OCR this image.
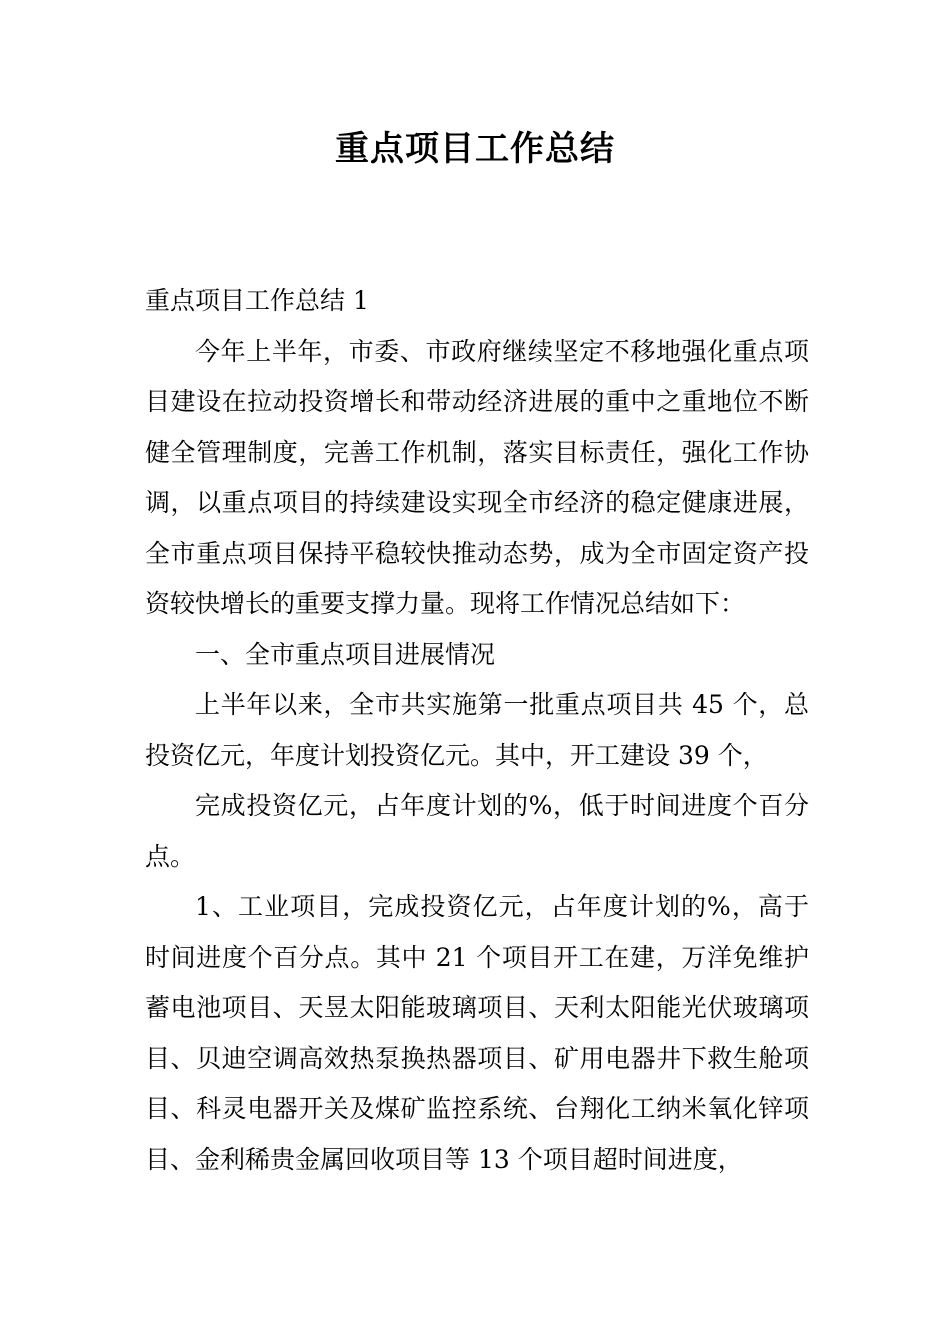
重点项目工作总结

重点项目工作总结 1

今年上半年，市委、市政府继续坚定不移地强化重点项目建设在拉动投资增长和带动经济进展的重中之重地位不断健全管理制度，完善工作机制，落实目标责任，强化工作协调，以重点项目的持续建设实现全市经济的稳定健康进展，全市重点项目保持平稳较快推动态势，成为全市固定资产投资较快增长的重要支撑力量。现将工作情况总结如下：

一、全市重点项目进展情况

上半年以来，全市共实施第一批重点项目共 45 个，总投资亿元，年度计划投资亿元。其中，开工建设 39 个，

完成投资亿元，占年度计划的%，低于时间进度个百分点。

1、工业项目，完成投资亿元，占年度计划的%，高于时间进度个百分点。其中 21 个项目开工在建，万洋免维护蓄电池项目、天昱太阳能玻璃项目、天利太阳能光伏玻璃项目、贝迪空调高效热泵换热器项目、矿用电器井下救生舱项目、科灵电器开关及煤矿监控系统、台翔化工纳米氧化锌项目、金利稀贵金属回收项目等 13 个项目超时间进度，
